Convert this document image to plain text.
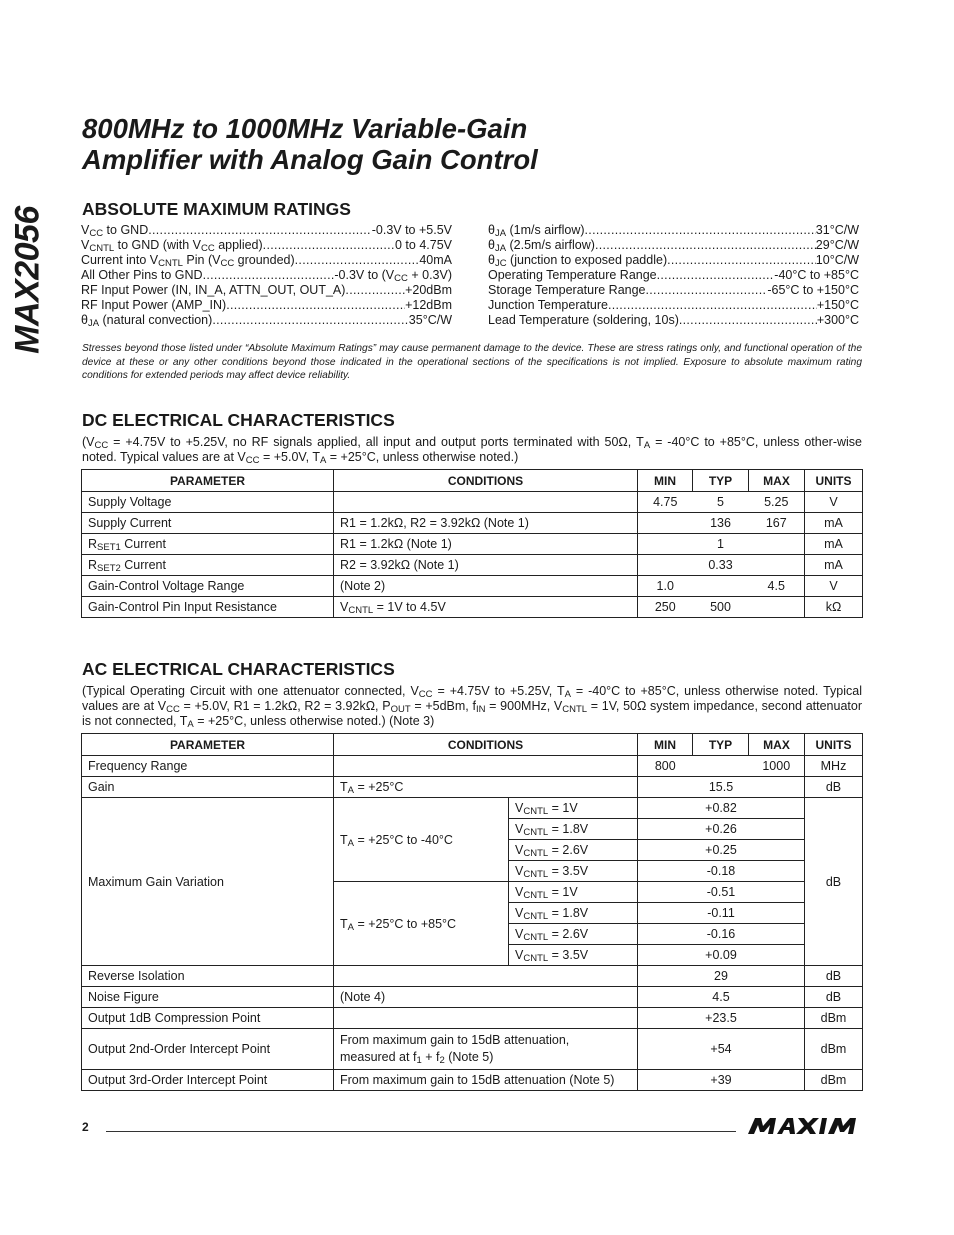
MAX2056
800MHz to 1000MHz Variable-Gain
Amplifier with Analog Gain Control
ABSOLUTE MAXIMUM RATINGS
$V_{CC}$ to GND .....	-0.3V to +5.5V
$V_{CNTL}$ to GND (with $V_{CC}$ applied) .....	0 to 4.75V
Current into $V_{CNTL}$ Pin ($V_{CC}$ grounded) .....	40mA
All Other Pins to GND .....	-0.3V to $(V_{CC} + 0.3V)$
RF Input Power (IN, IN_A, ATTN_OUT, OUT_A) .....	+20dBm
RF Input Power (AMP_IN) .....	+12dBm
$\theta_{JA}$ (natural convection) .....	35°C/W
$\theta_{JA}$ (1m/s airflow) .....	31°C/W
$\theta_{JA}$ (2.5m/s airflow) .....	29°C/W
$\theta_{JC}$ (junction to exposed paddle) .....	10°C/W
Operating Temperature Range .....	-40°C to +85°C
Storage Temperature Range .....	-65°C to +150°C
Junction Temperature .....	+150°C
Lead Temperature (soldering, 10s) .....	+300°C
Stresses beyond those listed under “Absolute Maximum Ratings” may cause permanent damage to the device. These are stress ratings only, and functional operation of the device at these or any other conditions beyond those indicated in the operational sections of the specifications is not implied. Exposure to absolute maximum rating conditions for extended periods may affect device reliability.
DC ELECTRICAL CHARACTERISTICS
($V_{CC} = +4.75V$ to +5.25V, no RF signals applied, all input and output ports terminated with 50Ω, $T_A = -40^\circ C$ to +85°C, unless other-wise noted. Typical values are at $V_{CC} = +5.0V$, $T_A = +25^\circ C$, unless otherwise noted.)
PARAMETER	CONDITIONS	MIN	TYP	MAX	UNITS
Supply Voltage		4.75	5	5.25	V
Supply Current	R1 = 1.2kΩ, R2 = 3.92kΩ (Note 1)		136	167	mA
$R_{SET1}$ Current	R1 = 1.2kΩ (Note 1)		1		mA
$R_{SET2}$ Current	R2 = 3.92kΩ (Note 1)		0.33		mA
Gain-Control Voltage Range	(Note 2)	1.0		4.5	V
Gain-Control Pin Input Resistance	$V_{CNTL} = 1V$ to 4.5V	250	500		kΩ
AC ELECTRICAL CHARACTERISTICS
(Typical Operating Circuit with one attenuator connected, $V_{CC} = +4.75V$ to +5.25V, $T_A = -40^\circ C$ to +85°C, unless otherwise noted. Typical values are at $V_{CC} = +5.0V$, R1 = 1.2kΩ, R2 = 3.92kΩ, $P_{OUT} = +5dBm$, $f_{IN} = 900MHz$, $V_{CNTL} = 1V$, 50Ω system impedance, second attenuator is not connected, $T_A = +25^\circ C$, unless otherwise noted.) (Note 3)
PARAMETER	CONDITIONS		MIN	TYP	MAX	UNITS
Frequency Range			800		1000	MHz
Gain	$T_A = +25^\circ C$		15.5			dB
Maximum Gain Variation	$T_A = +25^\circ C$ to -40°C	$V_{CNTL} = 1V$	+0.82			dB
		$V_{CNTL} = 1.8V$	+0.26			
		$V_{CNTL} = 2.6V$	+0.25			
		$V_{CNTL} = 3.5V$	-0.18			
	$T_A = +25^\circ C$ to +85°C	$V_{CNTL} = 1V$	-0.51			
		$V_{CNTL} = 1.8V$	-0.11			
		$V_{CNTL} = 2.6V$	-0.16			
		$V_{CNTL} = 3.5V$	+0.09			
Reverse Isolation			29			dB
Noise Figure	(Note 4)		4.5			dB
Output 1dB Compression Point			+23.5			dBm
Output 2nd-Order Intercept Point	From maximum gain to 15dB attenuation,
measured at $f_1 + f_2$ (Note 5)		+54			dBm
Output 3rd-Order Intercept Point	From maximum gain to 15dB attenuation (Note 5)		+39			dBm
2
